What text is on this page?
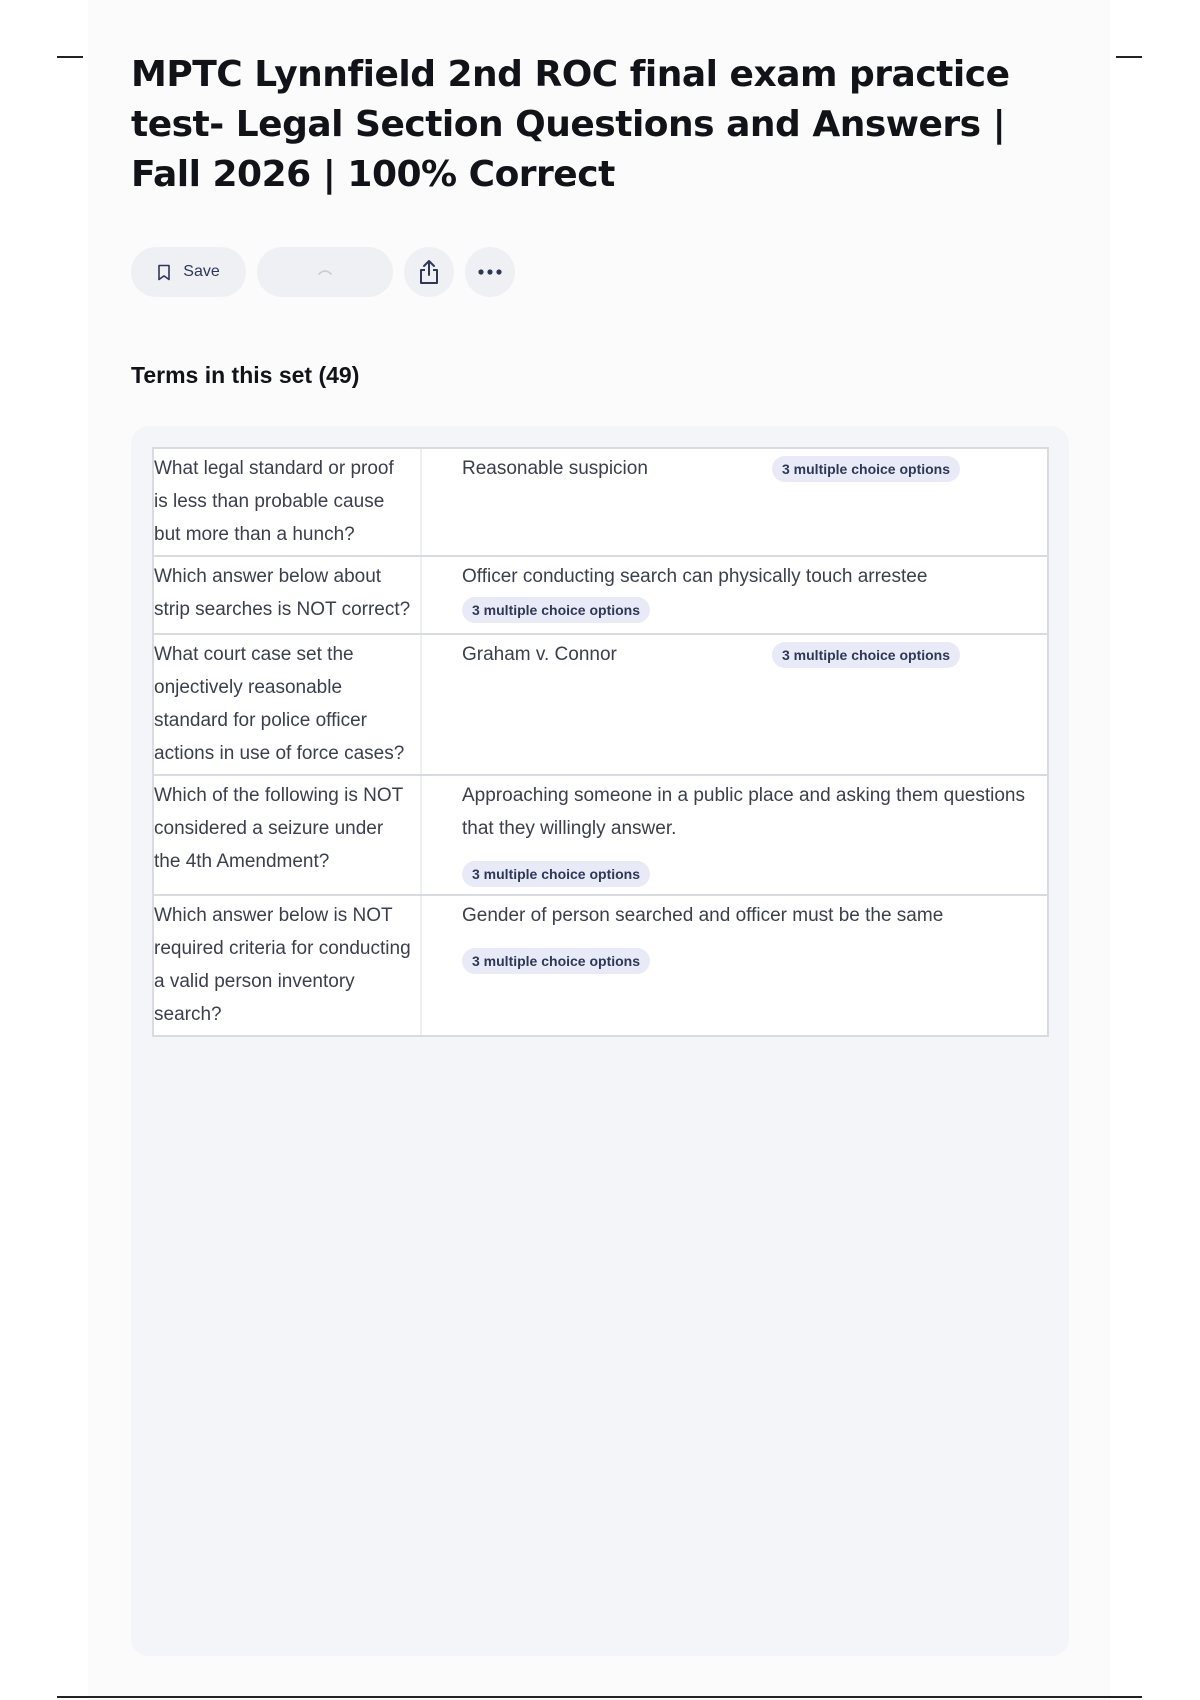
MPTC Lynnfield 2nd ROC final exam practice test- Legal Section Questions and Answers | Fall 2026 | 100% Correct
Save
Terms in this set (49)
What legal standard or proof is less than probable cause but more than a hunch?
Reasonable suspicion	3 multiple choice options
Which answer below about strip searches is NOT correct?
Officer conducting search can physically touch arrestee
3 multiple choice options
What court case set the onjectively reasonable standard for police officer actions in use of force cases?
Graham v. Connor	3 multiple choice options
Which of the following is NOT considered a seizure under the 4th Amendment?
Approaching someone in a public place and asking them questions that they willingly answer.
3 multiple choice options
Which answer below is NOT required criteria for conducting a valid person inventory search?
Gender of person searched and officer must be the same
3 multiple choice options
